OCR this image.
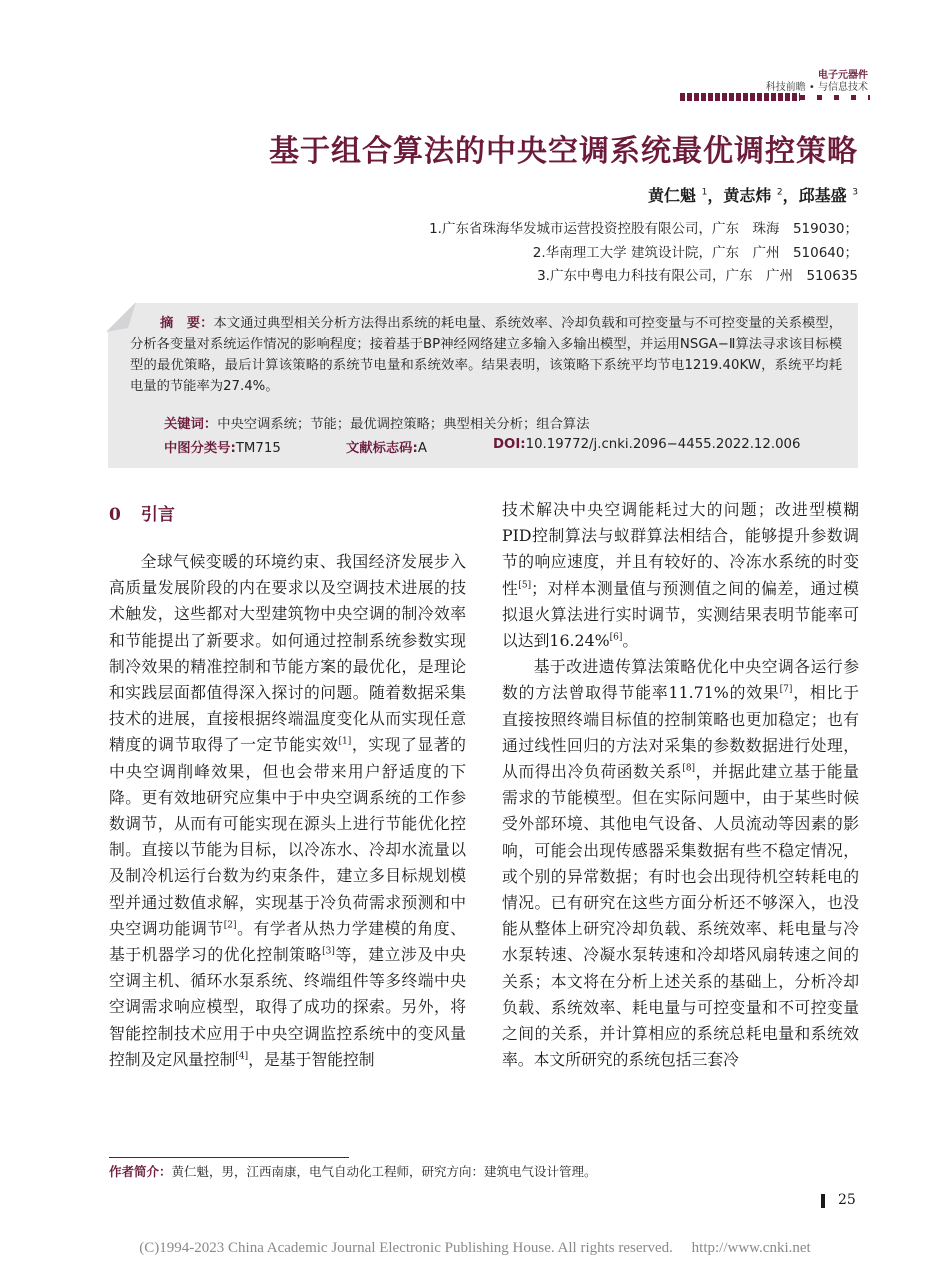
电子元器件
科技前瞻 • 与信息技术
基于组合算法的中央空调系统最优调控策略
黄仁魁 $^1$，黄志炜 $^2$，邱基盛 $^3$
1.广东省珠海华发城市运营投资控股有限公司，广东　珠海　519030；
2.华南理工大学 建筑设计院，广东　广州　510640；
3.广东中粤电力科技有限公司，广东　广州　510635
摘　要：本文通过典型相关分析方法得出系统的耗电量、系统效率、冷却负载和可控变量与不可控变量的关系模型，分析各变量对系统运作情况的影响程度；接着基于BP神经网络建立多输入多输出模型，并运用NSGA−Ⅱ算法寻求该目标模型的最优策略，最后计算该策略的系统节电量和系统效率。结果表明，该策略下系统平均节电1219.40KW，系统平均耗电量的节能率为27.4%。
关键词：中央空调系统；节能；最优调控策略；典型相关分析；组合算法
中图分类号:TM715	文献标志码:A	DOI:10.19772/j.cnki.2096−4455.2022.12.006
0 引言

全球气候变暖的环境约束、我国经济发展步入高质量发展阶段的内在要求以及空调技术进展的技术触发，这些都对大型建筑物中央空调的制冷效率和节能提出了新要求。如何通过控制系统参数实现制冷效果的精准控制和节能方案的最优化，是理论和实践层面都值得深入探讨的问题。随着数据采集技术的进展，直接根据终端温度变化从而实现任意精度的调节取得了一定节能实效[1]，实现了显著的中央空调削峰效果，但也会带来用户舒适度的下降。更有效地研究应集中于中央空调系统的工作参数调节，从而有可能实现在源头上进行节能优化控制。直接以节能为目标，以冷冻水、冷却水流量以及制冷机运行台数为约束条件，建立多目标规划模型并通过数值求解，实现基于冷负荷需求预测和中央空调功能调节[2]。有学者从热力学建模的角度、基于机器学习的优化控制策略[3]等，建立涉及中央空调主机、循环水泵系统、终端组件等多终端中央空调需求响应模型，取得了成功的探索。另外，将智能控制技术应用于中央空调监控系统中的变风量控制及定风量控制[4]，是基于智能控制

技术解决中央空调能耗过大的问题；改进型模糊PID控制算法与蚁群算法相结合，能够提升参数调节的响应速度，并且有较好的、冷冻水系统的时变性[5]；对样本测量值与预测值之间的偏差，通过模拟退火算法进行实时调节，实测结果表明节能率可以达到16.24%[6]。

基于改进遗传算法策略优化中央空调各运行参数的方法曾取得节能率11.71%的效果[7]，相比于直接按照终端目标值的控制策略也更加稳定；也有通过线性回归的方法对采集的参数数据进行处理，从而得出冷负荷函数关系[8]，并据此建立基于能量需求的节能模型。但在实际问题中，由于某些时候受外部环境、其他电气设备、人员流动等因素的影响，可能会出现传感器采集数据有些不稳定情况，或个别的异常数据；有时也会出现待机空转耗电的情况。已有研究在这些方面分析还不够深入，也没能从整体上研究冷却负载、系统效率、耗电量与冷水泵转速、冷凝水泵转速和冷却塔风扇转速之间的关系；本文将在分析上述关系的基础上，分析冷却负载、系统效率、耗电量与可控变量和不可控变量之间的关系，并计算相应的系统总耗电量和系统效率。本文所研究的系统包括三套冷

作者简介：黄仁魁，男，江西南康，电气自动化工程师，研究方向：建筑电气设计管理。
25
(C)1994-2023 China Academic Journal Electronic Publishing House. All rights reserved.　 http://www.cnki.net
